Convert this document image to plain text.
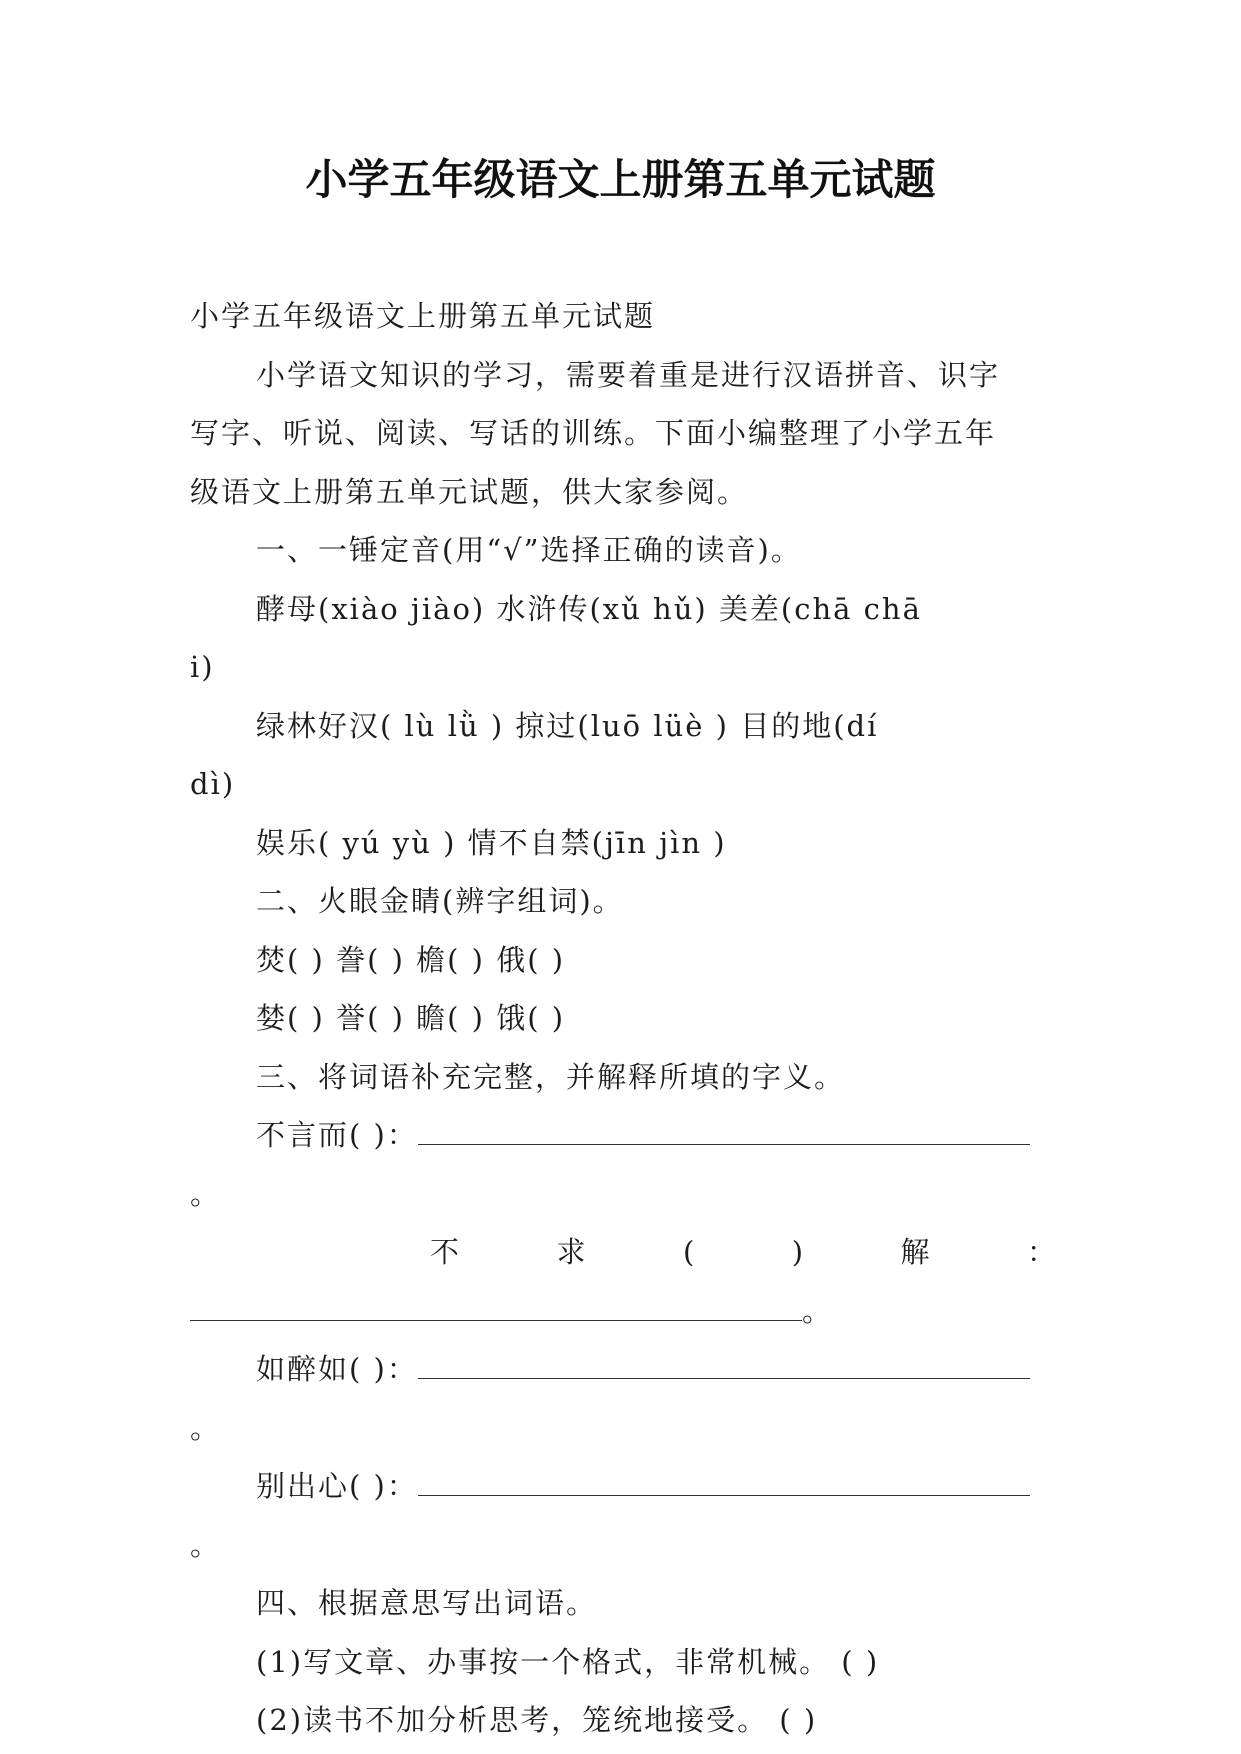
小学五年级语文上册第五单元试题

小学五年级语文上册第五单元试题

小学语文知识的学习，需要着重是进行汉语拼音、识字

写字、听说、阅读、写话的训练。下面小编整理了小学五年

级语文上册第五单元试题，供大家参阅。

一、一锤定音(用“√”选择正确的读音)。

酵母(xiào jiào) 水浒传(xǔ hǔ) 美差(chā chā

i)

绿林好汉( lù lǜ ) 掠过(luō lüè ) 目的地(dí

dì)

娱乐( yú yù ) 情不自禁(jīn jìn )

二、火眼金睛(辨字组词)。

焚( ) 誊( ) 檐( ) 俄( )

婪( ) 誉( ) 瞻( ) 饿( )

三、将词语补充完整，并解释所填的字义。

不言而( )：。

不	求	(	)	解	：

。

如醉如( )：。

别出心( )：。

四、根据意思写出词语。

(1)写文章、办事按一个格式，非常机械。 ( )

(2)读书不加分析思考，笼统地接受。 ( )
